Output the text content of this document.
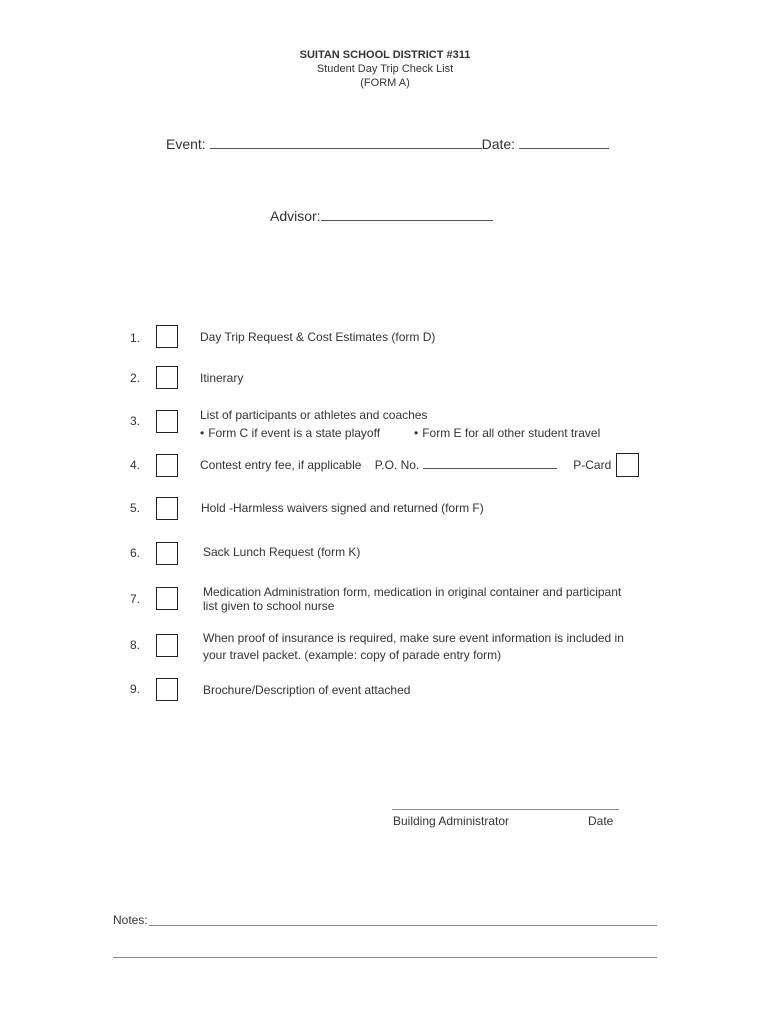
SUITAN SCHOOL DISTRICT #311
Student Day Trip Check List
(FORM A)
Event:	Date:
Advisor:
1.	Day Trip Request & Cost Estimates (form D)
2.	Itinerary
3.	List of participants or athletes and coaches
• Form C if event is a state playoff
•	Form E for all other student travel
4.	Contest entry fee, if applicable P.O. No.	P-Card
5.	Hold -Harmless waivers signed and returned (form F)
6.	Sack Lunch Request (form K)
7.	Medication Administration form, medication in original container and participant
list given to school nurse
8.	When proof of insurance is required, make sure event information is included in
your travel packet. (example: copy of parade entry form)
9.	Brochure/Description of event attached
Building Administrator	Date
Notes:
